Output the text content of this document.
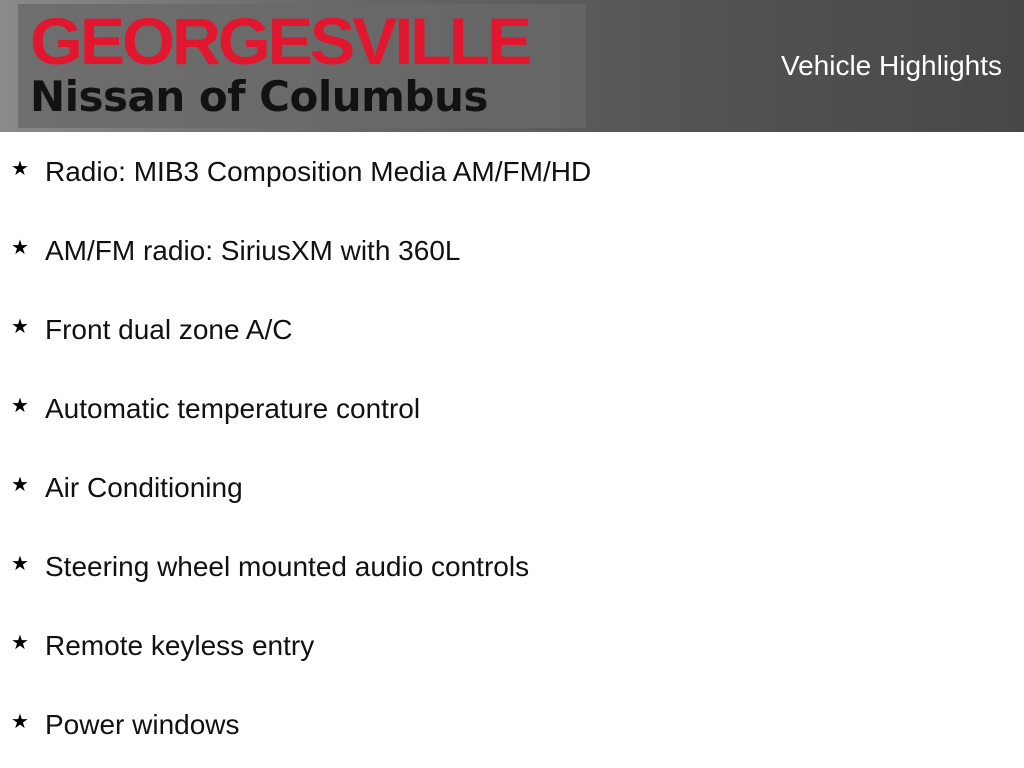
GEORGESVILLE
Nissan of Columbus
Vehicle Highlights
★ Radio: MIB3 Composition Media AM/FM/HD
★ AM/FM radio: SiriusXM with 360L
★ Front dual zone A/C
★ Automatic temperature control
★ Air Conditioning
★ Steering wheel mounted audio controls
★ Remote keyless entry
★ Power windows
